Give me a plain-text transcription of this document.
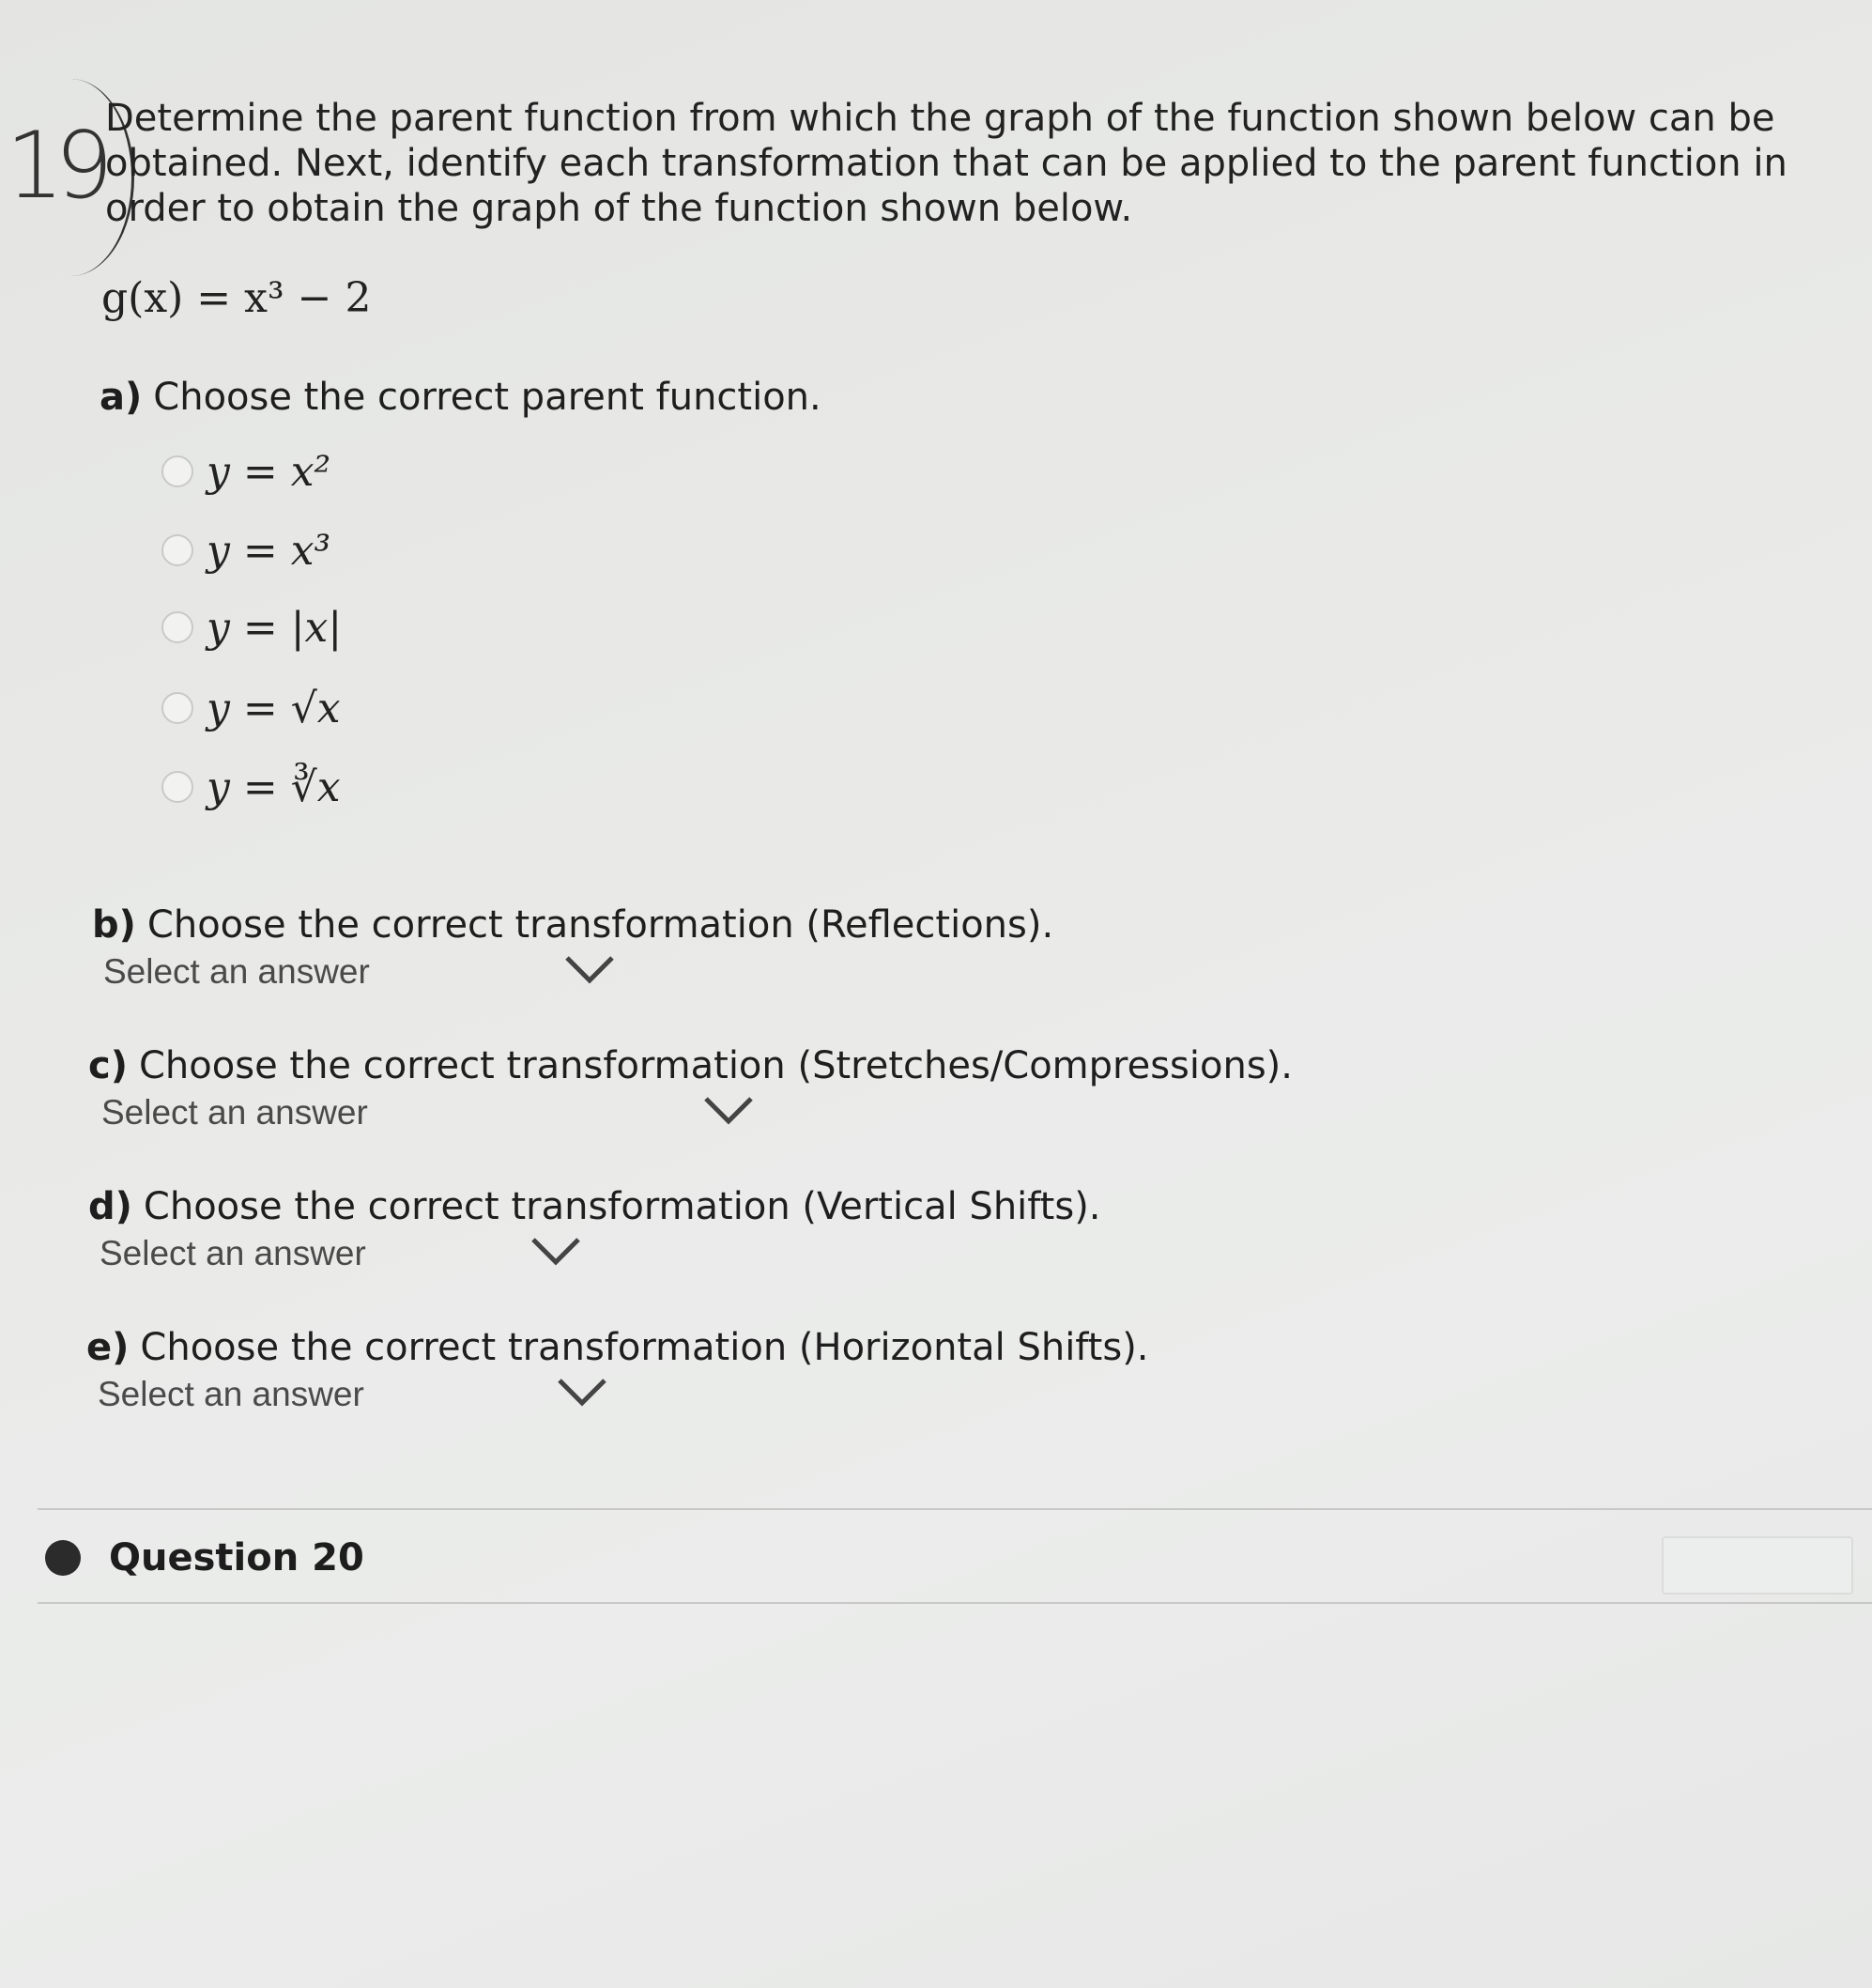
19 Determine the parent function from which the graph of the function shown below can be obtained. Next, identify each transformation that can be applied to the parent function in order to obtain the graph of the function shown below.
g(x) = x³ − 2
a) Choose the correct parent function.
y = x²
y = x³
y = |x|
y = √x
y = ∛x
b) Choose the correct transformation (Reflections).
Select an answer
c) Choose the correct transformation (Stretches/Compressions).
Select an answer
d) Choose the correct transformation (Vertical Shifts).
Select an answer
e) Choose the correct transformation (Horizontal Shifts).
Select an answer
Question 20
